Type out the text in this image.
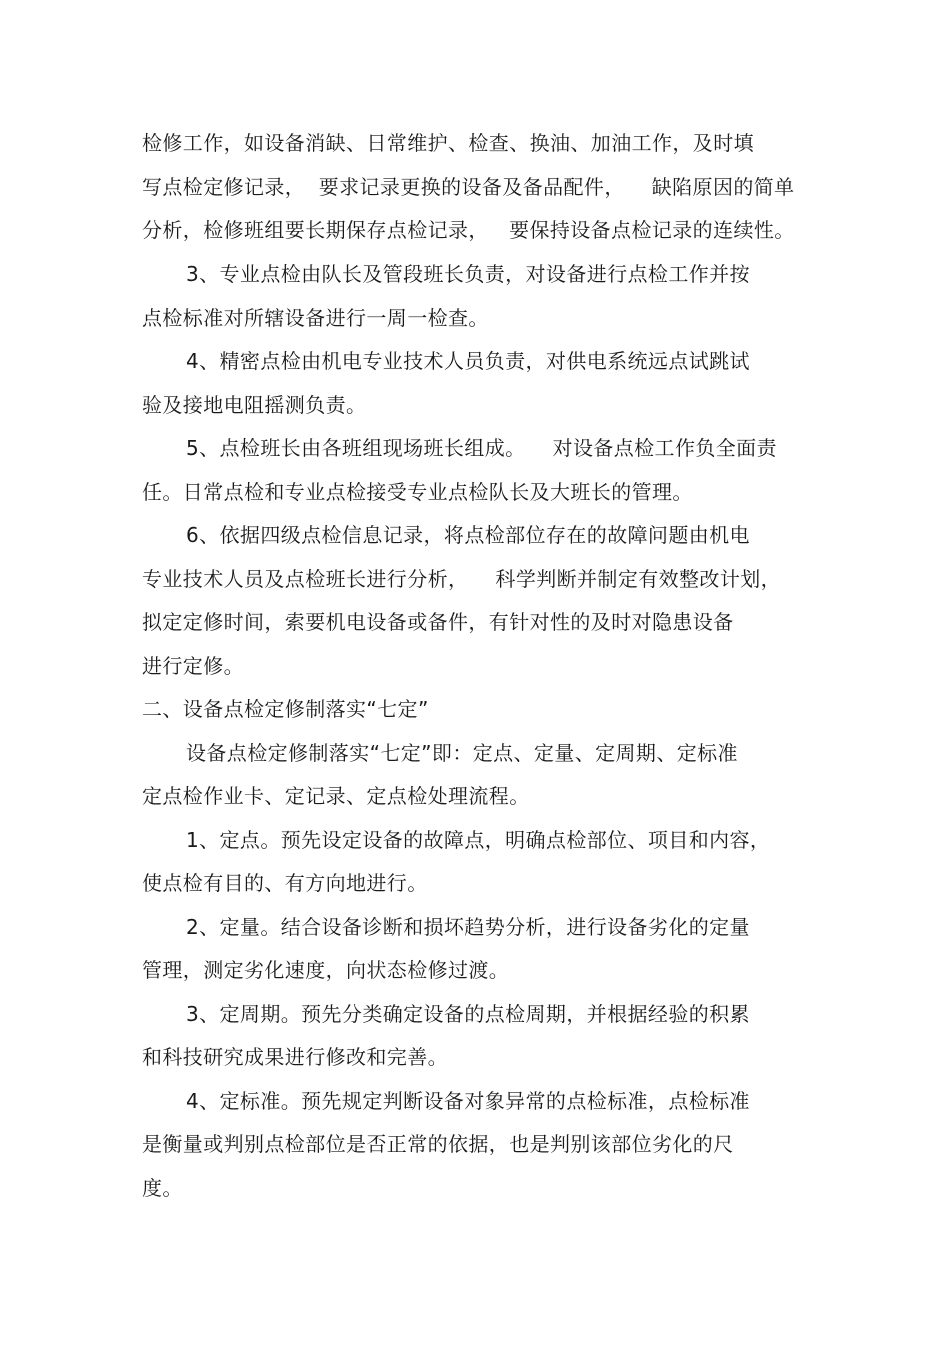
检修工作，如设备消缺、日常维护、检查、换油、加油工作，及时填
写点检定修记录，  要求记录更换的设备及备品配件，    缺陷原因的简单
分析，检修班组要长期保存点检记录，   要保持设备点检记录的连续性。
3、专业点检由队长及管段班长负责，对设备进行点检工作并按
点检标准对所辖设备进行一周一检查。
4、精密点检由机电专业技术人员负责，对供电系统远点试跳试
验及接地电阻摇测负责。
5、点检班长由各班组现场班长组成。    对设备点检工作负全面责
任。日常点检和专业点检接受专业点检队长及大班长的管理。
6、依据四级点检信息记录，将点检部位存在的故障问题由机电
专业技术人员及点检班长进行分析，    科学判断并制定有效整改计划，
拟定定修时间，索要机电设备或备件，有针对性的及时对隐患设备
进行定修。
二、设备点检定修制落实“七定”
设备点检定修制落实“七定”即：定点、定量、定周期、定标准
定点检作业卡、定记录、定点检处理流程。
1、定点。预先设定设备的故障点，明确点检部位、项目和内容，
使点检有目的、有方向地进行。
2、定量。结合设备诊断和损坏趋势分析，进行设备劣化的定量
管理，测定劣化速度，向状态检修过渡。
3、定周期。预先分类确定设备的点检周期，并根据经验的积累
和科技研究成果进行修改和完善。
4、定标准。预先规定判断设备对象异常的点检标准，点检标准
是衡量或判别点检部位是否正常的依据，也是判别该部位劣化的尺
度。
